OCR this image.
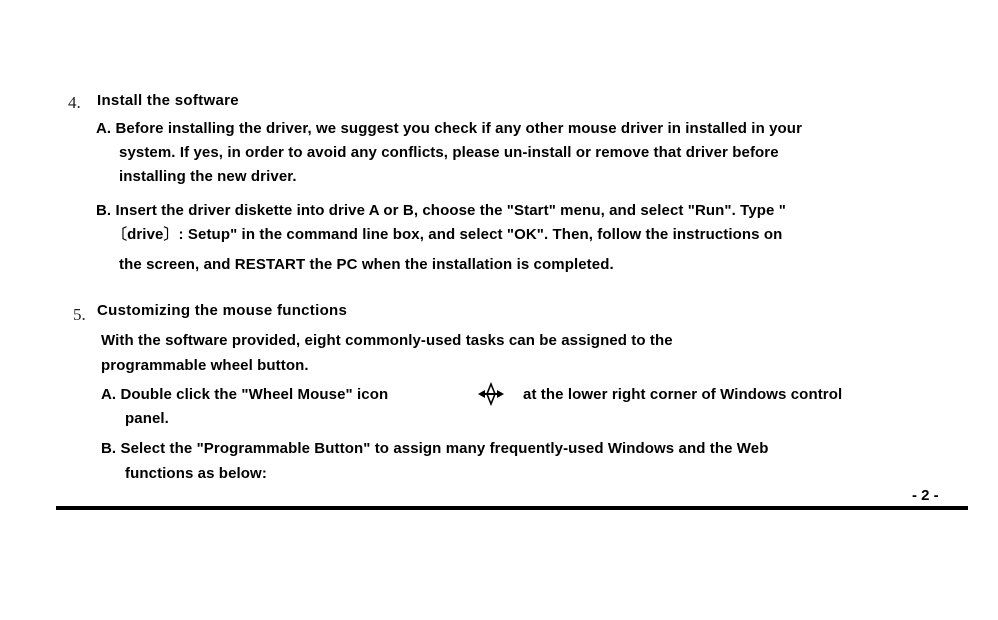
4. Install the software
A. Before installing the driver, we suggest you check if any other mouse driver in installed in your
system. If yes, in order to avoid any conflicts, please un-install or remove that driver before
installing the new driver.
B. Insert the driver diskette into drive A or B, choose the "Start" menu, and select "Run". Type "
〔drive〕: Setup" in the command line box, and select "OK". Then, follow the instructions on
the screen, and RESTART the PC when the installation is completed.
5. Customizing the mouse functions
With the software provided, eight commonly-used tasks can be assigned to the
programmable wheel button.
A. Double click the "Wheel Mouse" icon	at the lower right corner of Windows control
panel.
B. Select the "Programmable Button" to assign many frequently-used Windows and the Web
functions as below:
- 2 -
